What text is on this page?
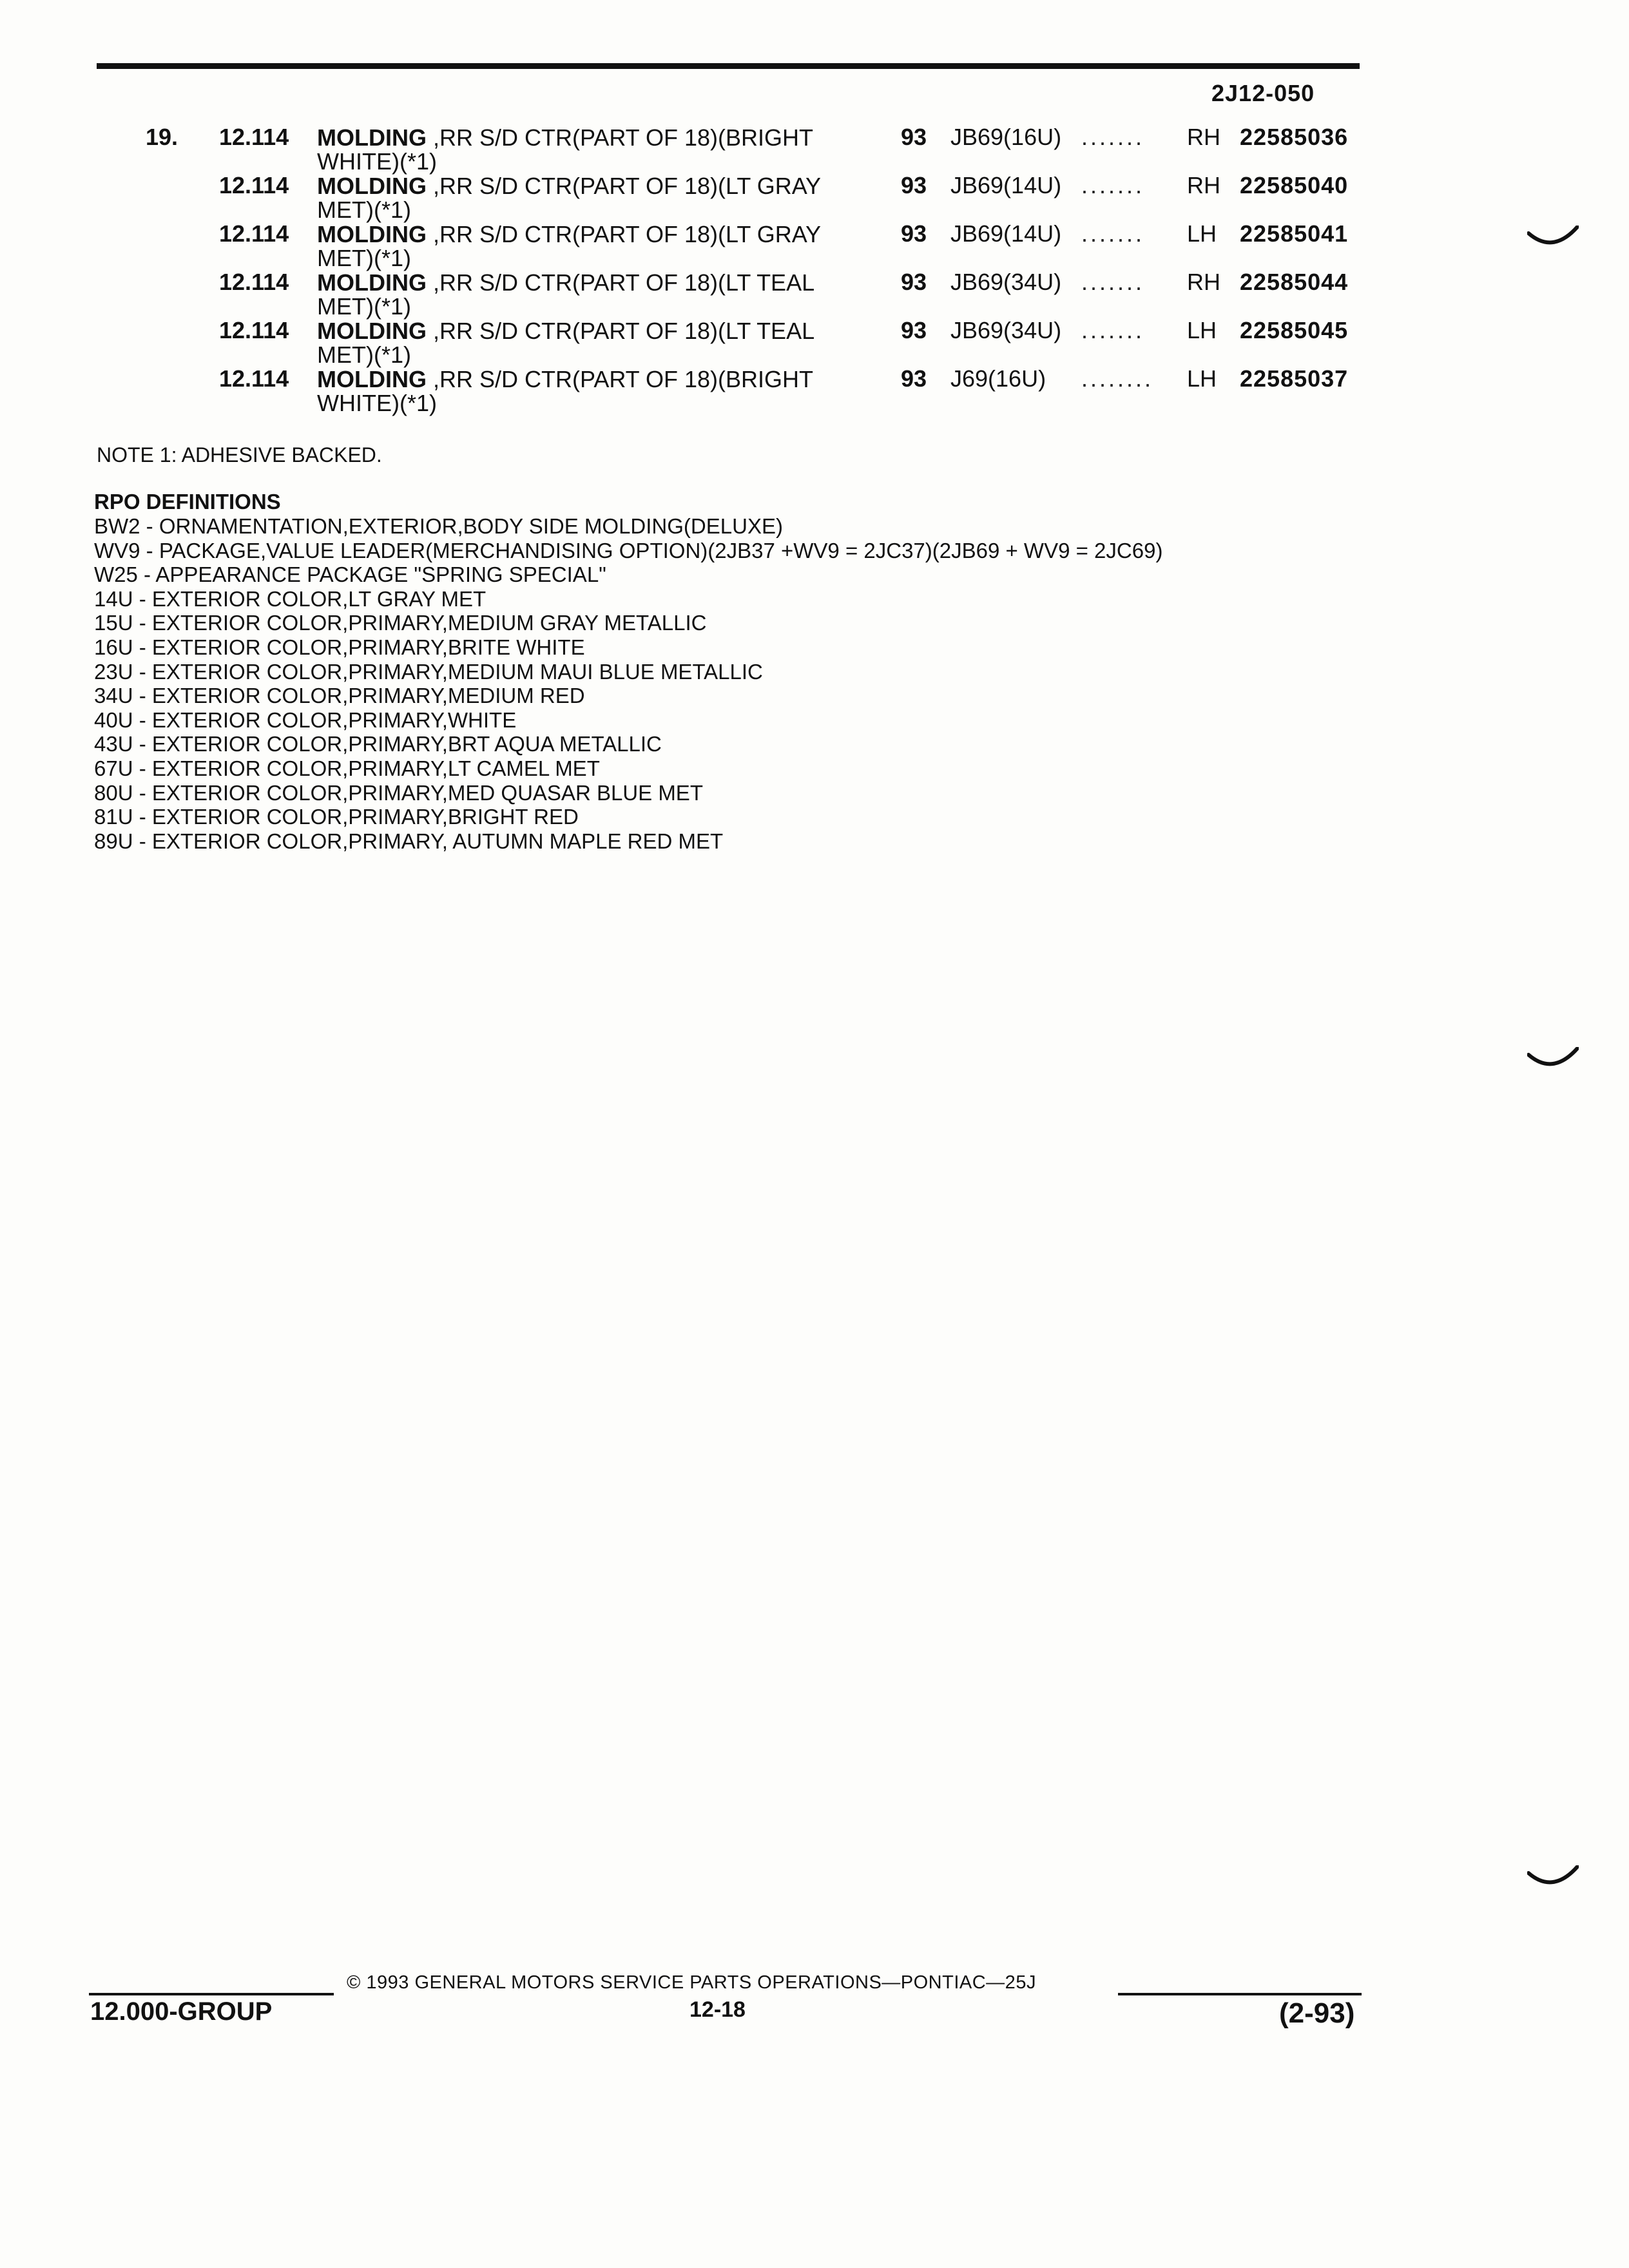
2J12-050
19. 12.114 MOLDING ,RR S/D CTR(PART OF 18)(BRIGHT WHITE)(*1)
93 JB69(16U) ....... RH 22585036
12.114 MOLDING ,RR S/D CTR(PART OF 18)(LT GRAY MET)(*1)
93 JB69(14U) ....... RH 22585040
12.114 MOLDING ,RR S/D CTR(PART OF 18)(LT GRAY MET)(*1)
93 JB69(14U) ....... LH 22585041
12.114 MOLDING ,RR S/D CTR(PART OF 18)(LT TEAL MET)(*1)
93 JB69(34U) ....... RH 22585044
12.114 MOLDING ,RR S/D CTR(PART OF 18)(LT TEAL MET)(*1)
93 JB69(34U) ....... LH 22585045
12.114 MOLDING ,RR S/D CTR(PART OF 18)(BRIGHT WHITE)(*1)
93 J69(16U) ........ LH 22585037
NOTE 1: ADHESIVE BACKED.
RPO DEFINITIONS
BW2 - ORNAMENTATION,EXTERIOR,BODY SIDE MOLDING(DELUXE)
WV9 - PACKAGE,VALUE LEADER(MERCHANDISING OPTION)(2JB37 +WV9 = 2JC37)(2JB69 + WV9 = 2JC69)
W25 - APPEARANCE PACKAGE "SPRING SPECIAL"
14U - EXTERIOR COLOR,LT GRAY MET
15U - EXTERIOR COLOR,PRIMARY,MEDIUM GRAY METALLIC
16U - EXTERIOR COLOR,PRIMARY,BRITE WHITE
23U - EXTERIOR COLOR,PRIMARY,MEDIUM MAUI BLUE METALLIC
34U - EXTERIOR COLOR,PRIMARY,MEDIUM RED
40U - EXTERIOR COLOR,PRIMARY,WHITE
43U - EXTERIOR COLOR,PRIMARY,BRT AQUA METALLIC
67U - EXTERIOR COLOR,PRIMARY,LT CAMEL MET
80U - EXTERIOR COLOR,PRIMARY,MED QUASAR BLUE MET
81U - EXTERIOR COLOR,PRIMARY,BRIGHT RED
89U - EXTERIOR COLOR,PRIMARY, AUTUMN MAPLE RED MET
© 1993 GENERAL MOTORS SERVICE PARTS OPERATIONS—PONTIAC—25J
12.000-GROUP	12-18	(2-93)
